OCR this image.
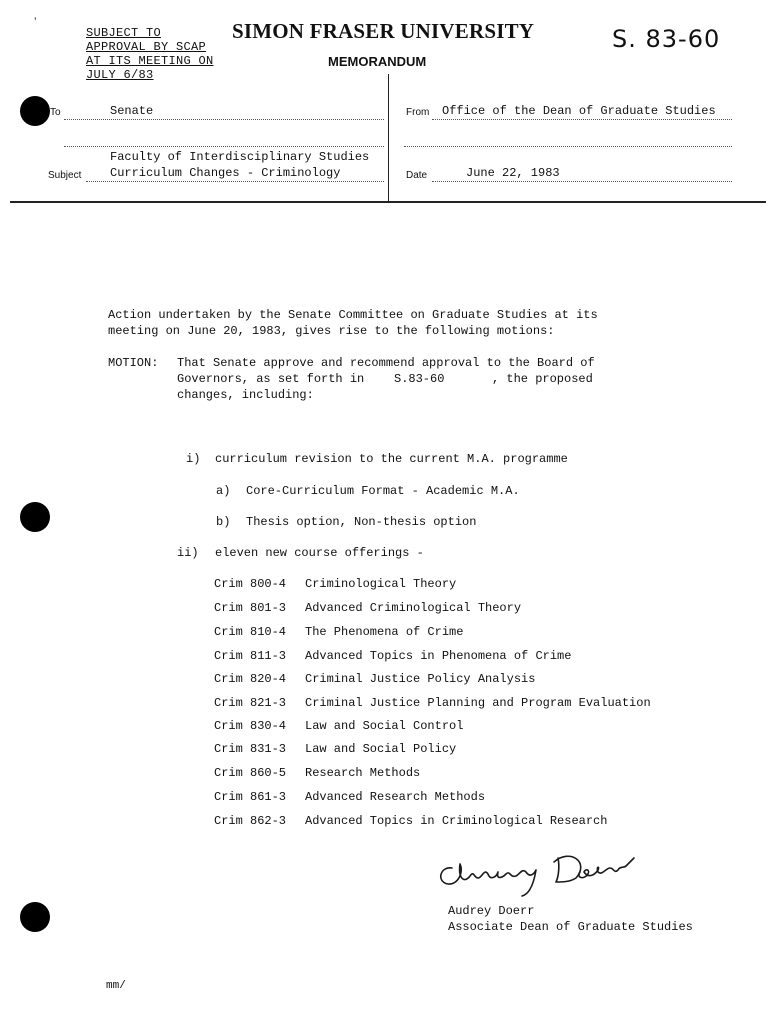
’
SUBJECT TO
APPROVAL BY SCAP
AT ITS MEETING ON
JULY 6/83
SIMON FRASER UNIVERSITY
MEMORANDUM
S. 83-60
To	Senate	From Office of the Dean of Graduate Studies
Faculty of Interdisciplinary Studies
Subject Curriculum Changes - Criminology	Date	June 22, 1983
Action undertaken by the Senate Committee on Graduate Studies at its
meeting on June 20, 1983, gives rise to the following motions:
MOTION: That Senate approve and recommend approval to the Board of
Governors, as set forth in S.83-60	, the proposed
changes, including:
i) curriculum revision to the current M.A. programme
a) Core-Curriculum Format - Academic M.A.
b) Thesis option, Non-thesis option
ii) eleven new course offerings -
Crim 800-4 Criminological Theory
Crim 801-3 Advanced Criminological Theory
Crim 810-4 The Phenomena of Crime
Crim 811-3 Advanced Topics in Phenomena of Crime
Crim 820-4 Criminal Justice Policy Analysis
Crim 821-3 Criminal Justice Planning and Program Evaluation
Crim 830-4 Law and Social Control
Crim 831-3 Law and Social Policy
Crim 860-5 Research Methods
Crim 861-3 Advanced Research Methods
Crim 862-3 Advanced Topics in Criminological Research
Audrey Doerr
Associate Dean of Graduate Studies
mm/
